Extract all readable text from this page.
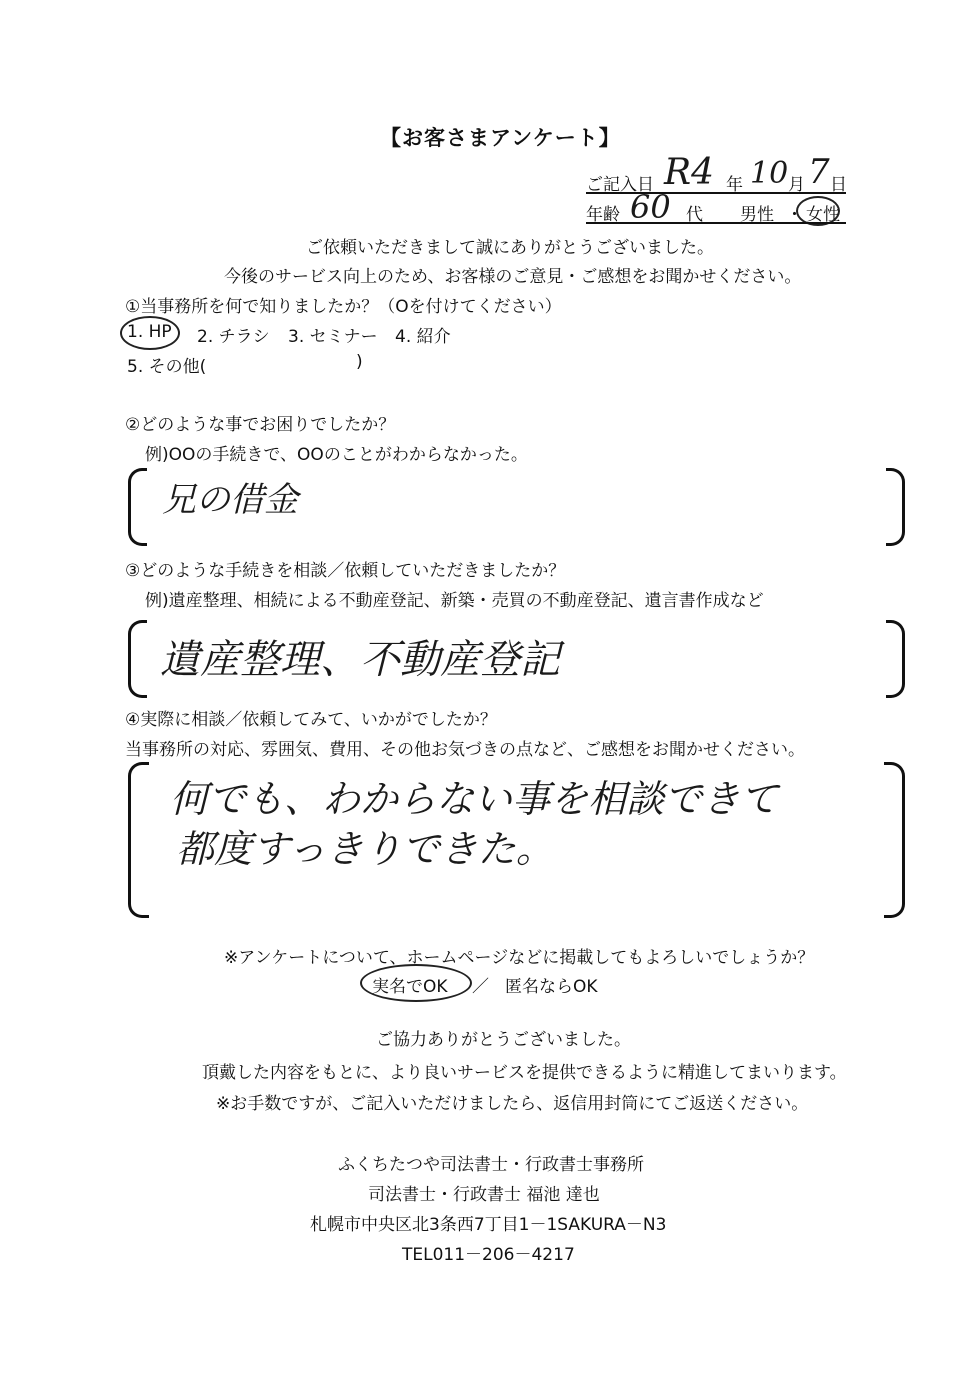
【お客さまアンケート】
ご記入日 R4 年 10 月 7 日
年齢 60 代 男性 ・ 女性
ご依頼いただきまして誠にありがとうございました。
今後のサービス向上のため、お客様のご意見・ご感想をお聞かせください。
①当事務所を何で知りましたか？（Oを付けてください）
1. HP 2. チラシ 3. セミナー 4. 紹介
5. その他(	)
②どのような事でお困りでしたか？
例)OOの手続きで、OOのことがわからなかった。
兄の借金
③どのような手続きを相談／依頼していただきましたか？
例)遺産整理、相続による不動産登記、新築・売買の不動産登記、遺言書作成など
遺産整理、不動産登記
④実際に相談／依頼してみて、いかがでしたか？
当事務所の対応、雰囲気、費用、その他お気づきの点など、ご感想をお聞かせください。
何でも、わからない事を相談できて
都度すっきりできた。
※アンケートについて、ホームページなどに掲載してもよろしいでしょうか？
実名でOK ／ 匿名ならOK
ご協力ありがとうございました。
頂戴した内容をもとに、より良いサービスを提供できるように精進してまいります。
※お手数ですが、ご記入いただけましたら、返信用封筒にてご返送ください。
ふくちたつや司法書士・行政書士事務所
司法書士・行政書士 福池 達也
札幌市中央区北3条西7丁目1－1SAKURA－N3
TEL011－206－4217
